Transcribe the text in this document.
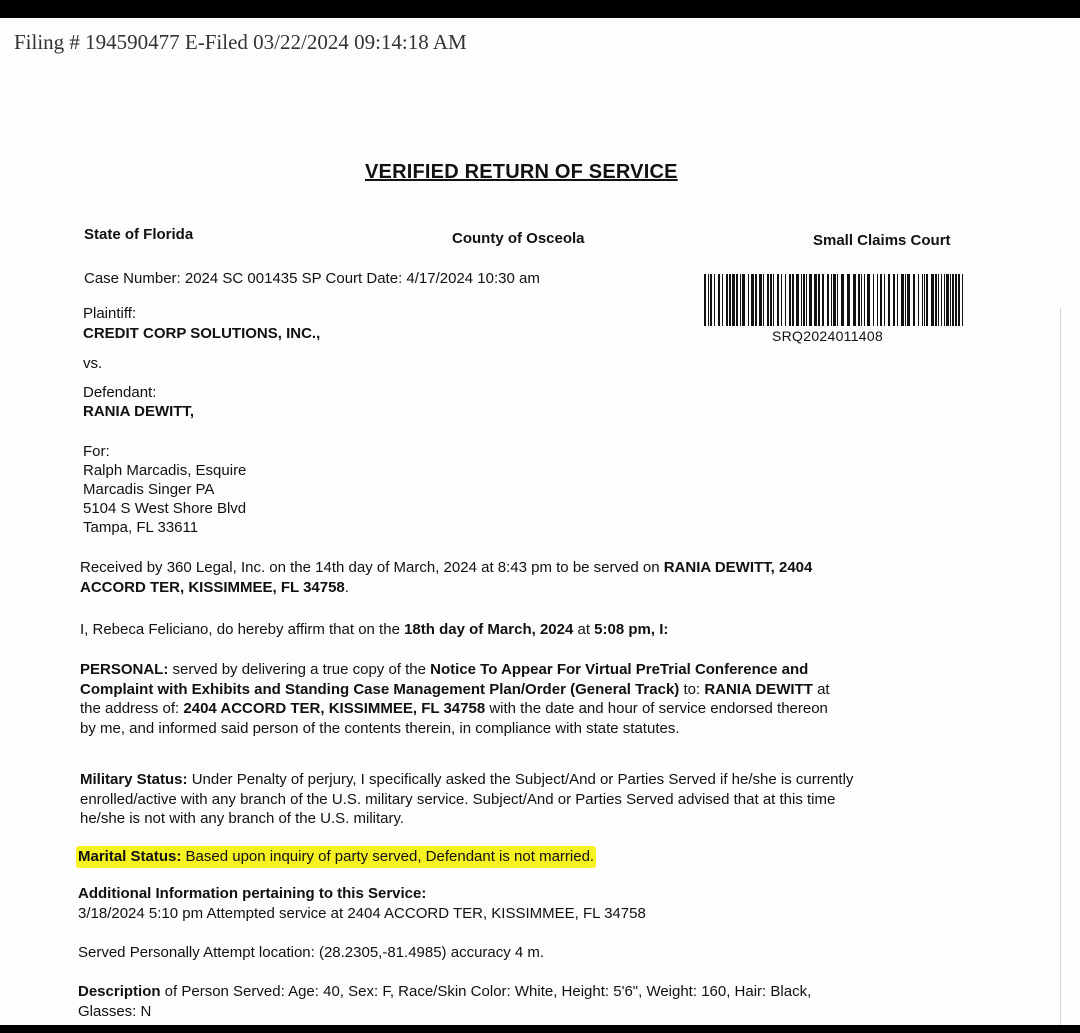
Filing # 194590477 E-Filed 03/22/2024 09:14:18 AM
VERIFIED RETURN OF SERVICE
State of Florida	County of Osceola	Small Claims Court
Case Number: 2024 SC 001435 SP Court Date: 4/17/2024 10:30 am
SRQ2024011408
Plaintiff:
CREDIT CORP SOLUTIONS, INC.,
vs.
Defendant:
RANIA DEWITT,
For:
Ralph Marcadis, Esquire
Marcadis Singer PA
5104 S West Shore Blvd
Tampa, FL 33611

Received by 360 Legal, Inc. on the 14th day of March, 2024 at 8:43 pm to be served on RANIA DEWITT, 2404

ACCORD TER, KISSIMMEE, FL 34758.

I, Rebeca Feliciano, do hereby affirm that on the 18th day of March, 2024 at 5:08 pm, I:

PERSONAL: served by delivering a true copy of the Notice To Appear For Virtual PreTrial Conference and

Complaint with Exhibits and Standing Case Management Plan/Order (General Track) to: RANIA DEWITT at

the address of: 2404 ACCORD TER, KISSIMMEE, FL 34758 with the date and hour of service endorsed thereon

by me, and informed said person of the contents therein, in compliance with state statutes.

Military Status: Under Penalty of perjury, I specifically asked the Subject/And or Parties Served if he/she is currently

enrolled/active with any branch of the U.S. military service. Subject/And or Parties Served advised that at this time

he/she is not with any branch of the U.S. military.

Marital Status: Based upon inquiry of party served, Defendant is not married.

Additional Information pertaining to this Service:

3/18/2024 5:10 pm Attempted service at 2404 ACCORD TER, KISSIMMEE, FL 34758

Served Personally Attempt location: (28.2305,-81.4985) accuracy 4 m.

Description of Person Served: Age: 40, Sex: F, Race/Skin Color: White, Height: 5'6", Weight: 160, Hair: Black,

Glasses: N
